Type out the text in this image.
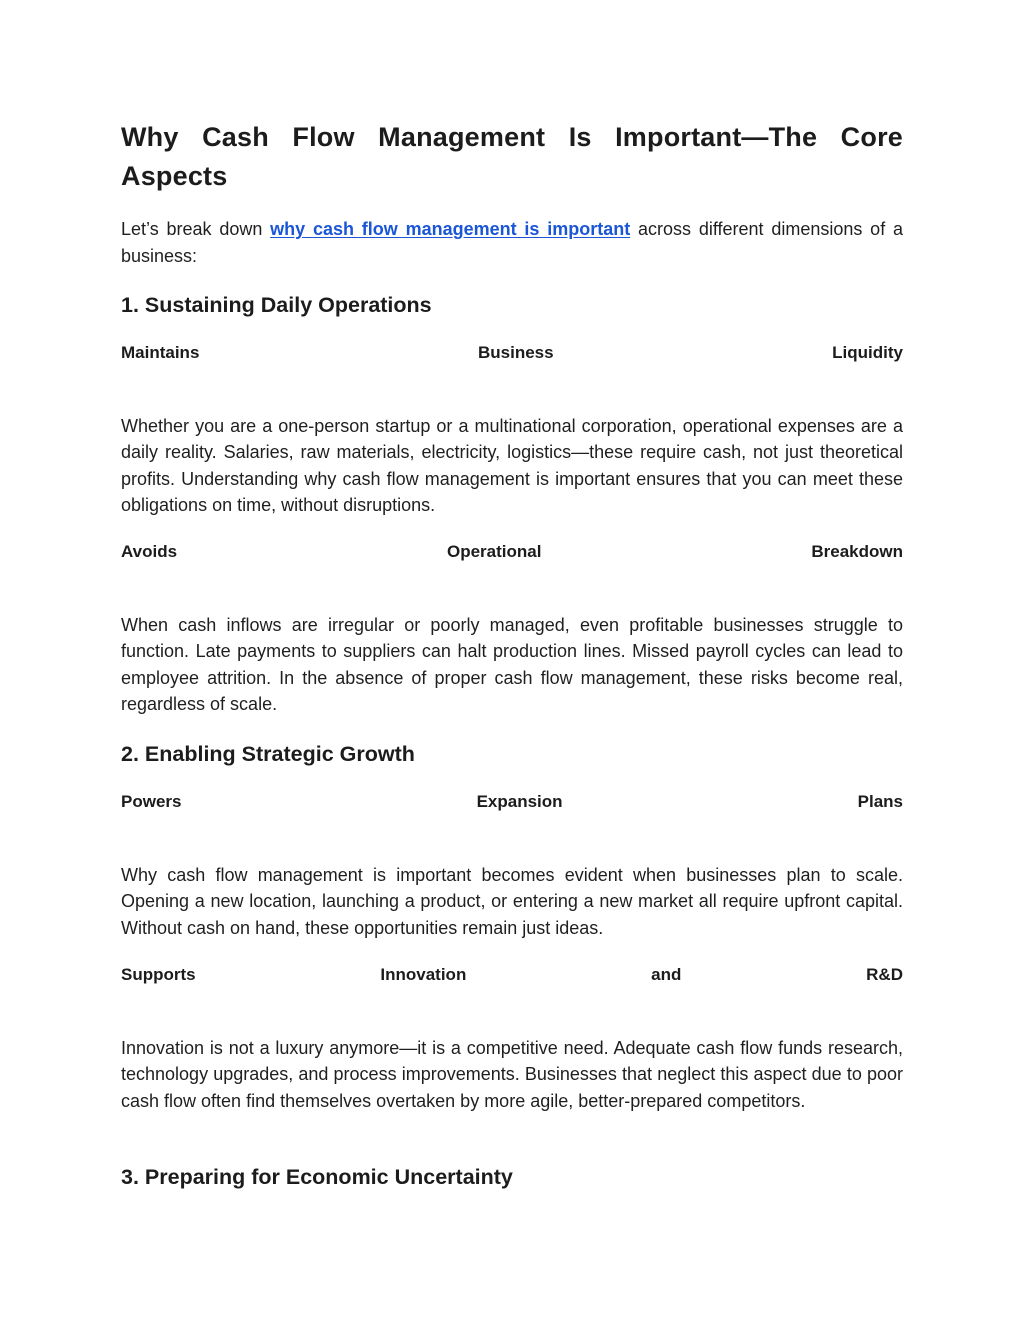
Why Cash Flow Management Is Important—The Core Aspects

Let’s break down why cash flow management is important across different dimensions of a business:

1. Sustaining Daily Operations
Maintains	Business	Liquidity

Whether you are a one-person startup or a multinational corporation, operational expenses are a daily reality. Salaries, raw materials, electricity, logistics—these require cash, not just theoretical profits. Understanding why cash flow management is important ensures that you can meet these obligations on time, without disruptions.

Avoids	Operational	Breakdown

When cash inflows are irregular or poorly managed, even profitable businesses struggle to function. Late payments to suppliers can halt production lines. Missed payroll cycles can lead to employee attrition. In the absence of proper cash flow management, these risks become real, regardless of scale.

2. Enabling Strategic Growth
Powers	Expansion	Plans

Why cash flow management is important becomes evident when businesses plan to scale. Opening a new location, launching a product, or entering a new market all require upfront capital. Without cash on hand, these opportunities remain just ideas.

Supports	Innovation	and	R&D

Innovation is not a luxury anymore—it is a competitive need. Adequate cash flow funds research, technology upgrades, and process improvements. Businesses that neglect this aspect due to poor cash flow often find themselves overtaken by more agile, better-prepared competitors.

3. Preparing for Economic Uncertainty
